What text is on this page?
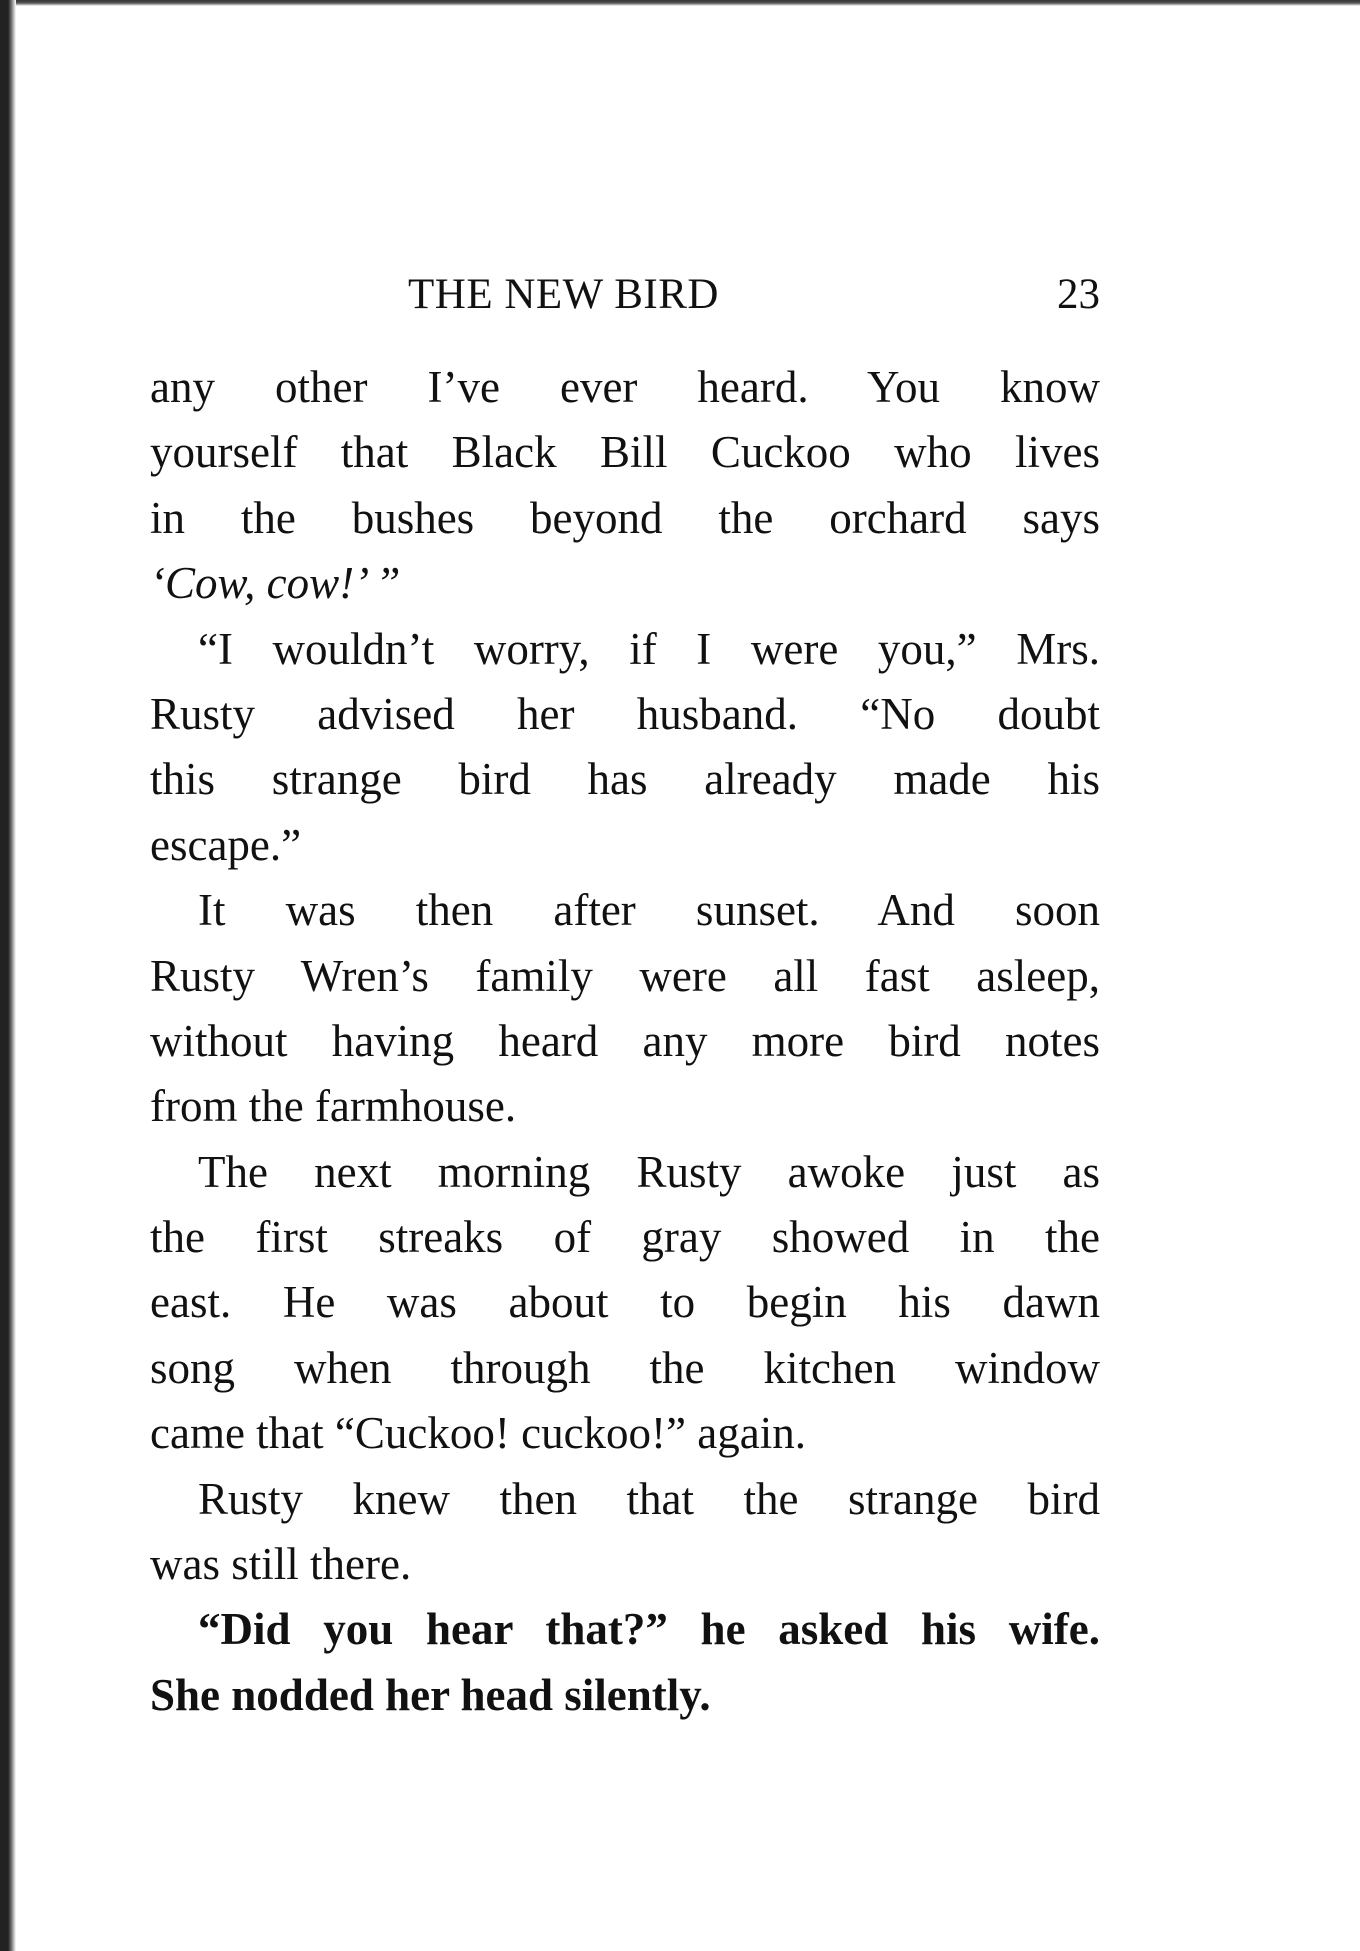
THE NEW BIRD	23
any other I’ve ever heard. You know
yourself that Black Bill Cuckoo who lives
in the bushes beyond the orchard says
‘Cow, cow!’ ”
“I wouldn’t worry, if I were you,” Mrs.
Rusty advised her husband. “No doubt
this strange bird has already made his
escape.”
It was then after sunset. And soon
Rusty Wren’s family were all fast asleep,
without having heard any more bird notes
from the farmhouse.
The next morning Rusty awoke just as
the first streaks of gray showed in the
east. He was about to begin his dawn
song when through the kitchen window
came that “Cuckoo! cuckoo!” again.
Rusty knew then that the strange bird
was still there.
“Did you hear that?” he asked his wife.
She nodded her head silently.
